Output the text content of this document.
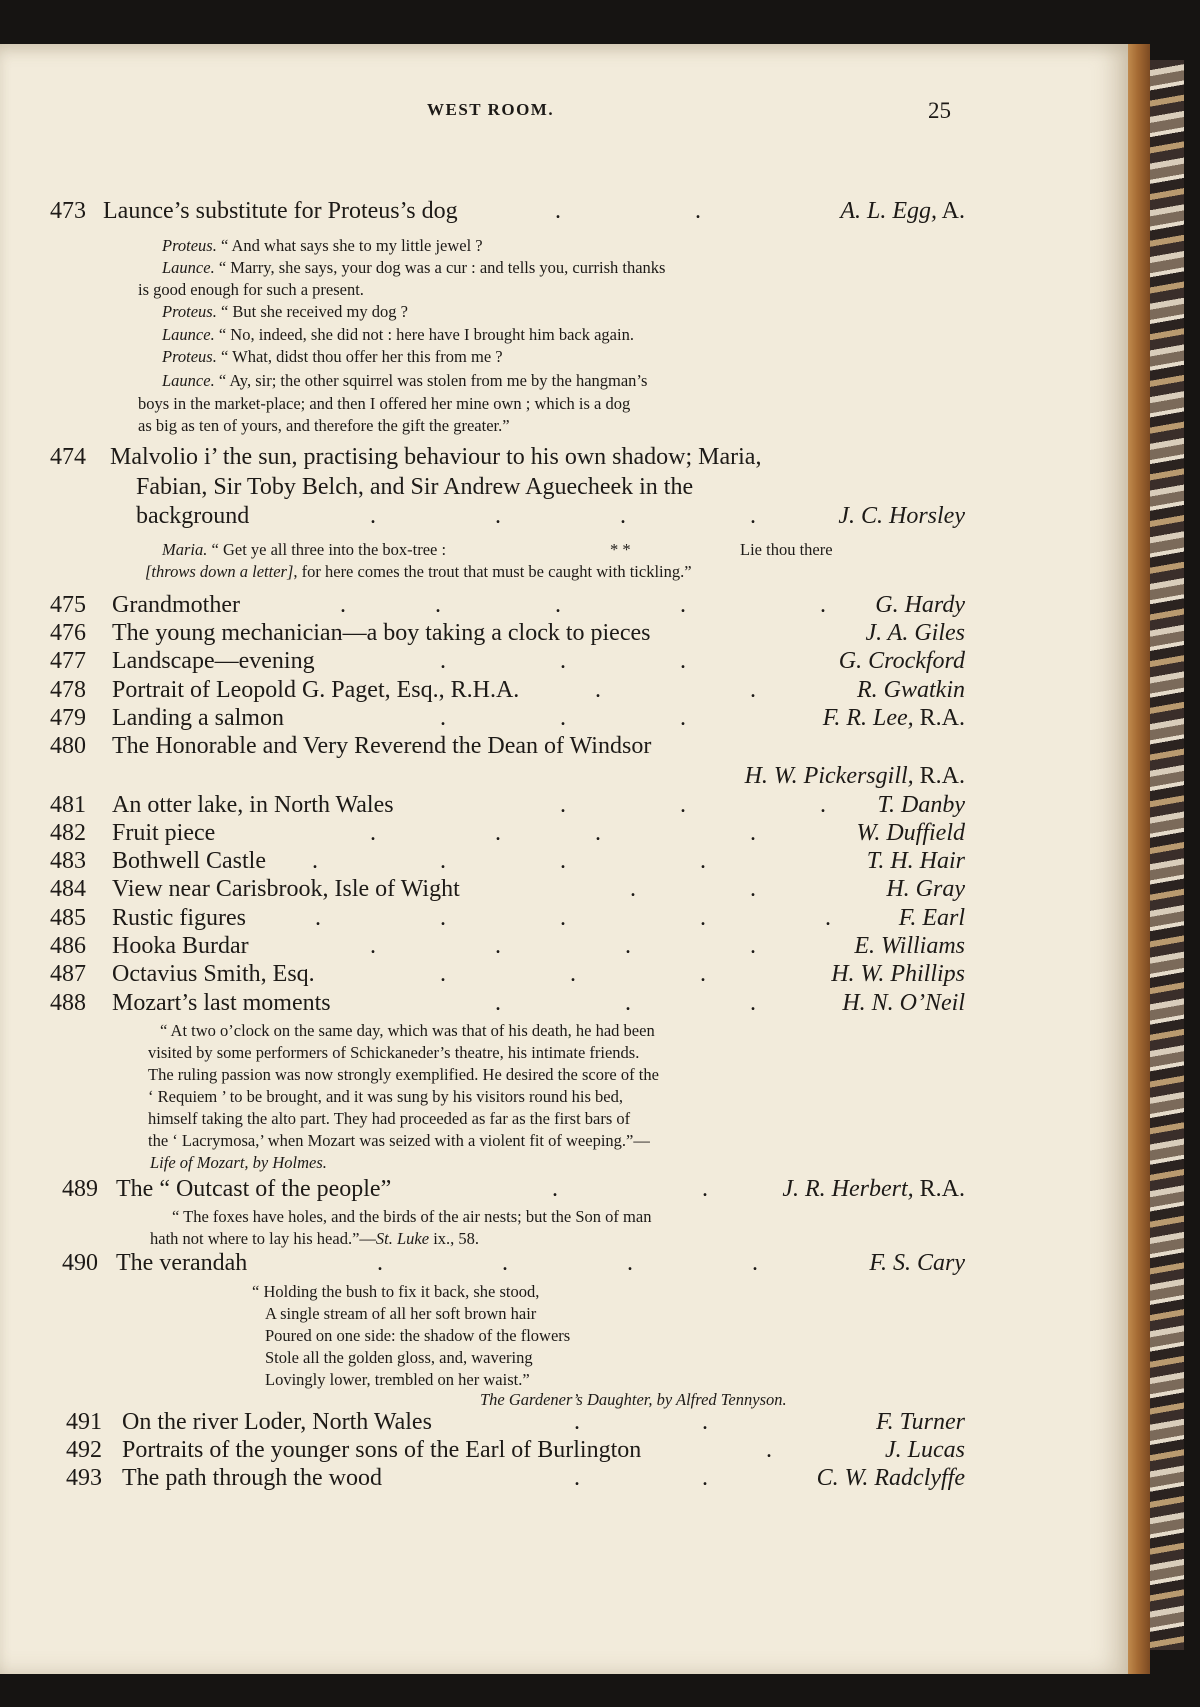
WEST ROOM.	25
473 Launce’s substitute for Proteus’s dog	.	.	A. L. Egg, A.
Proteus. “ And what says she to my little jewel ?
Launce. “ Marry, she says, your dog was a cur : and tells you, currish thanks
is good enough for such a present.
Proteus. “ But she received my dog ?
Launce. “ No, indeed, she did not : here have I brought him back again.
Proteus. “ What, didst thou offer her this from me ?
Launce. “ Ay, sir; the other squirrel was stolen from me by the hangman’s
boys in the market-place; and then I offered her mine own ; which is a dog
as big as ten of yours, and therefore the gift the greater.”
474 Malvolio i’ the sun, practising behaviour to his own shadow; Maria,
Fabian, Sir Toby Belch, and Sir Andrew Aguecheek in the
background	.	.	.	.	J. C. Horsley
Maria. “ Get ye all three into the box-tree :	* *	Lie thou there
[throws down a letter], for here comes the trout that must be caught with tickling.”
475 Grandmother	.	.	.	.	. G. Hardy
476 The young mechanician—a boy taking a clock to pieces	J. A. Giles
477 Landscape—evening	.	.	.	G. Crockford
478 Portrait of Leopold G. Paget, Esq., R.H.A.	.	.	R. Gwatkin
479 Landing a salmon	.	.	.	F. R. Lee, R.A.
480 The Honorable and Very Reverend the Dean of Windsor
H. W. Pickersgill, R.A.
481 An otter lake, in North Wales	.	.	. T. Danby
482 Fruit piece	.	.	.	.	W. Duffield
483 Bothwell Castle .	.	.	.	T. H. Hair
484 View near Carisbrook, Isle of Wight	.	.	H. Gray
485 Rustic figures	.	.	.	.	.	F. Earl
486 Hooka Burdar	.	.	.	.	E. Williams
487 Octavius Smith, Esq.	.	.	.	H. W. Phillips
488 Mozart’s last moments	.	.	.	H. N. O’Neil
“ At two o’clock on the same day, which was that of his death, he had been
visited by some performers of Schickaneder’s theatre, his intimate friends.
The ruling passion was now strongly exemplified. He desired the score of the
‘ Requiem ’ to be brought, and it was sung by his visitors round his bed,
himself taking the alto part. They had proceeded as far as the first bars of
the ‘ Lacrymosa,’ when Mozart was seized with a violent fit of weeping.”—
Life of Mozart, by Holmes.
489 The “ Outcast of the people”	.	.	J. R. Herbert, R.A.
“ The foxes have holes, and the birds of the air nests; but the Son of man
hath not where to lay his head.”—St. Luke ix., 58.
490 The verandah	.	.	.	.	F. S. Cary
“ Holding the bush to fix it back, she stood,
A single stream of all her soft brown hair
Poured on one side: the shadow of the flowers
Stole all the golden gloss, and, wavering
Lovingly lower, trembled on her waist.”
The Gardener’s Daughter, by Alfred Tennyson.
491 On the river Loder, North Wales	.	.	F. Turner
492 Portraits of the younger sons of the Earl of Burlington	.	J. Lucas
493 The path through the wood	.	.	C. W. Radclyffe
